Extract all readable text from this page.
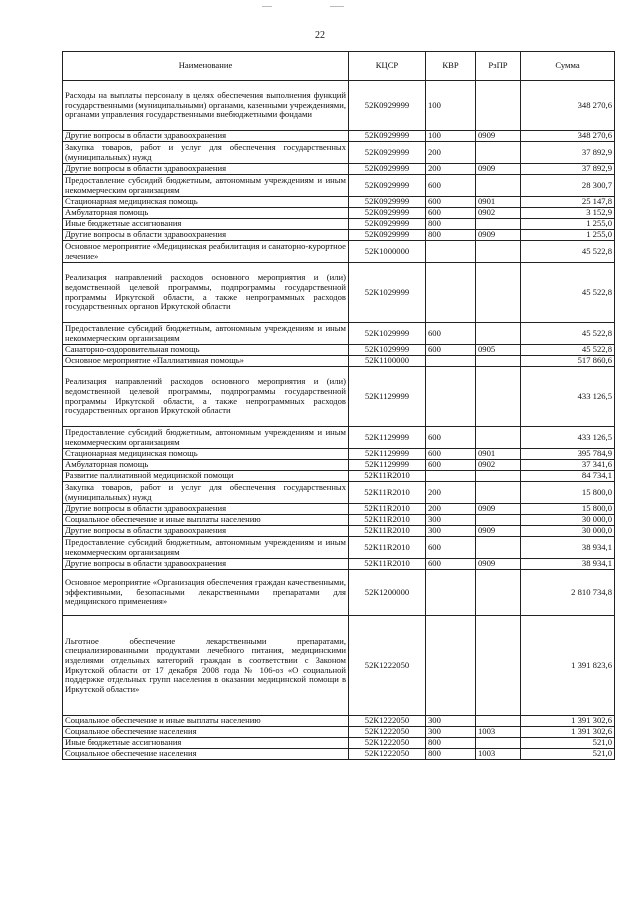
22
Наименование	КЦСР	КВР	РзПР	Сумма
Расходы на выплаты персоналу в целях обеспечения выполнения функций государственными (муниципальными) органами, казенными учреждениями, органами управления государственными внебюджетными фондами	52К0929999	100		348 270,6
Другие вопросы в области здравоохранения	52К0929999	100	0909	348 270,6
Закупка товаров, работ и услуг для обеспечения государственных (муниципальных) нужд	52К0929999	200		37 892,9
Другие вопросы в области здравоохранения	52К0929999	200	0909	37 892,9
Предоставление субсидий бюджетным, автономным учреждениям и иным некоммерческим организациям	52К0929999	600		28 300,7
Стационарная медицинская помощь	52К0929999	600	0901	25 147,8
Амбулаторная помощь	52К0929999	600	0902	3 152,9
Иные бюджетные ассигнования	52К0929999	800		1 255,0
Другие вопросы в области здравоохранения	52К0929999	800	0909	1 255,0
Основное мероприятие «Медицинская реабилитация и санаторно-курортное лечение»	52К1000000			45 522,8
Реализация направлений расходов основного мероприятия и (или) ведомственной целевой программы, подпрограммы государственной программы Иркутской области, а также непрограммных расходов государственных органов Иркутской области	52К1029999			45 522,8
Предоставление субсидий бюджетным, автономным учреждениям и иным некоммерческим организациям	52К1029999	600		45 522,8
Санаторно-оздоровительная помощь	52К1029999	600	0905	45 522,8
Основное мероприятие «Паллиативная помощь»	52К1100000			517 860,6
Реализация направлений расходов основного мероприятия и (или) ведомственной целевой программы, подпрограммы государственной программы Иркутской области, а также непрограммных расходов государственных органов Иркутской области	52К1129999			433 126,5
Предоставление субсидий бюджетным, автономным учреждениям и иным некоммерческим организациям	52К1129999	600		433 126,5
Стационарная медицинская помощь	52К1129999	600	0901	395 784,9
Амбулаторная помощь	52К1129999	600	0902	37 341,6
Развитие паллиативной медицинской помощи	52К11R2010			84 734,1
Закупка товаров, работ и услуг для обеспечения государственных (муниципальных) нужд	52К11R2010	200		15 800,0
Другие вопросы в области здравоохранения	52К11R2010	200	0909	15 800,0
Социальное обеспечение и иные выплаты населению	52К11R2010	300		30 000,0
Другие вопросы в области здравоохранения	52К11R2010	300	0909	30 000,0
Предоставление субсидий бюджетным, автономным учреждениям и иным некоммерческим организациям	52К11R2010	600		38 934,1
Другие вопросы в области здравоохранения	52К11R2010	600	0909	38 934,1
Основное мероприятие «Организация обеспечения граждан качественными, эффективными, безопасными лекарственными препаратами для медицинского применения»	52К1200000			2 810 734,8
Льготное обеспечение лекарственными препаратами, специализированными продуктами лечебного питания, медицинскими изделиями отдельных категорий граждан в соответствии с Законом Иркутской области от 17 декабря 2008 года № 106-оз «О социальной поддержке отдельных групп населения в оказании медицинской помощи в Иркутской области»	52К1222050			1 391 823,6
Социальное обеспечение и иные выплаты населению	52К1222050	300		1 391 302,6
Социальное обеспечение населения	52К1222050	300	1003	1 391 302,6
Иные бюджетные ассигнования	52К1222050	800		521,0
Социальное обеспечение населения	52К1222050	800	1003	521,0
